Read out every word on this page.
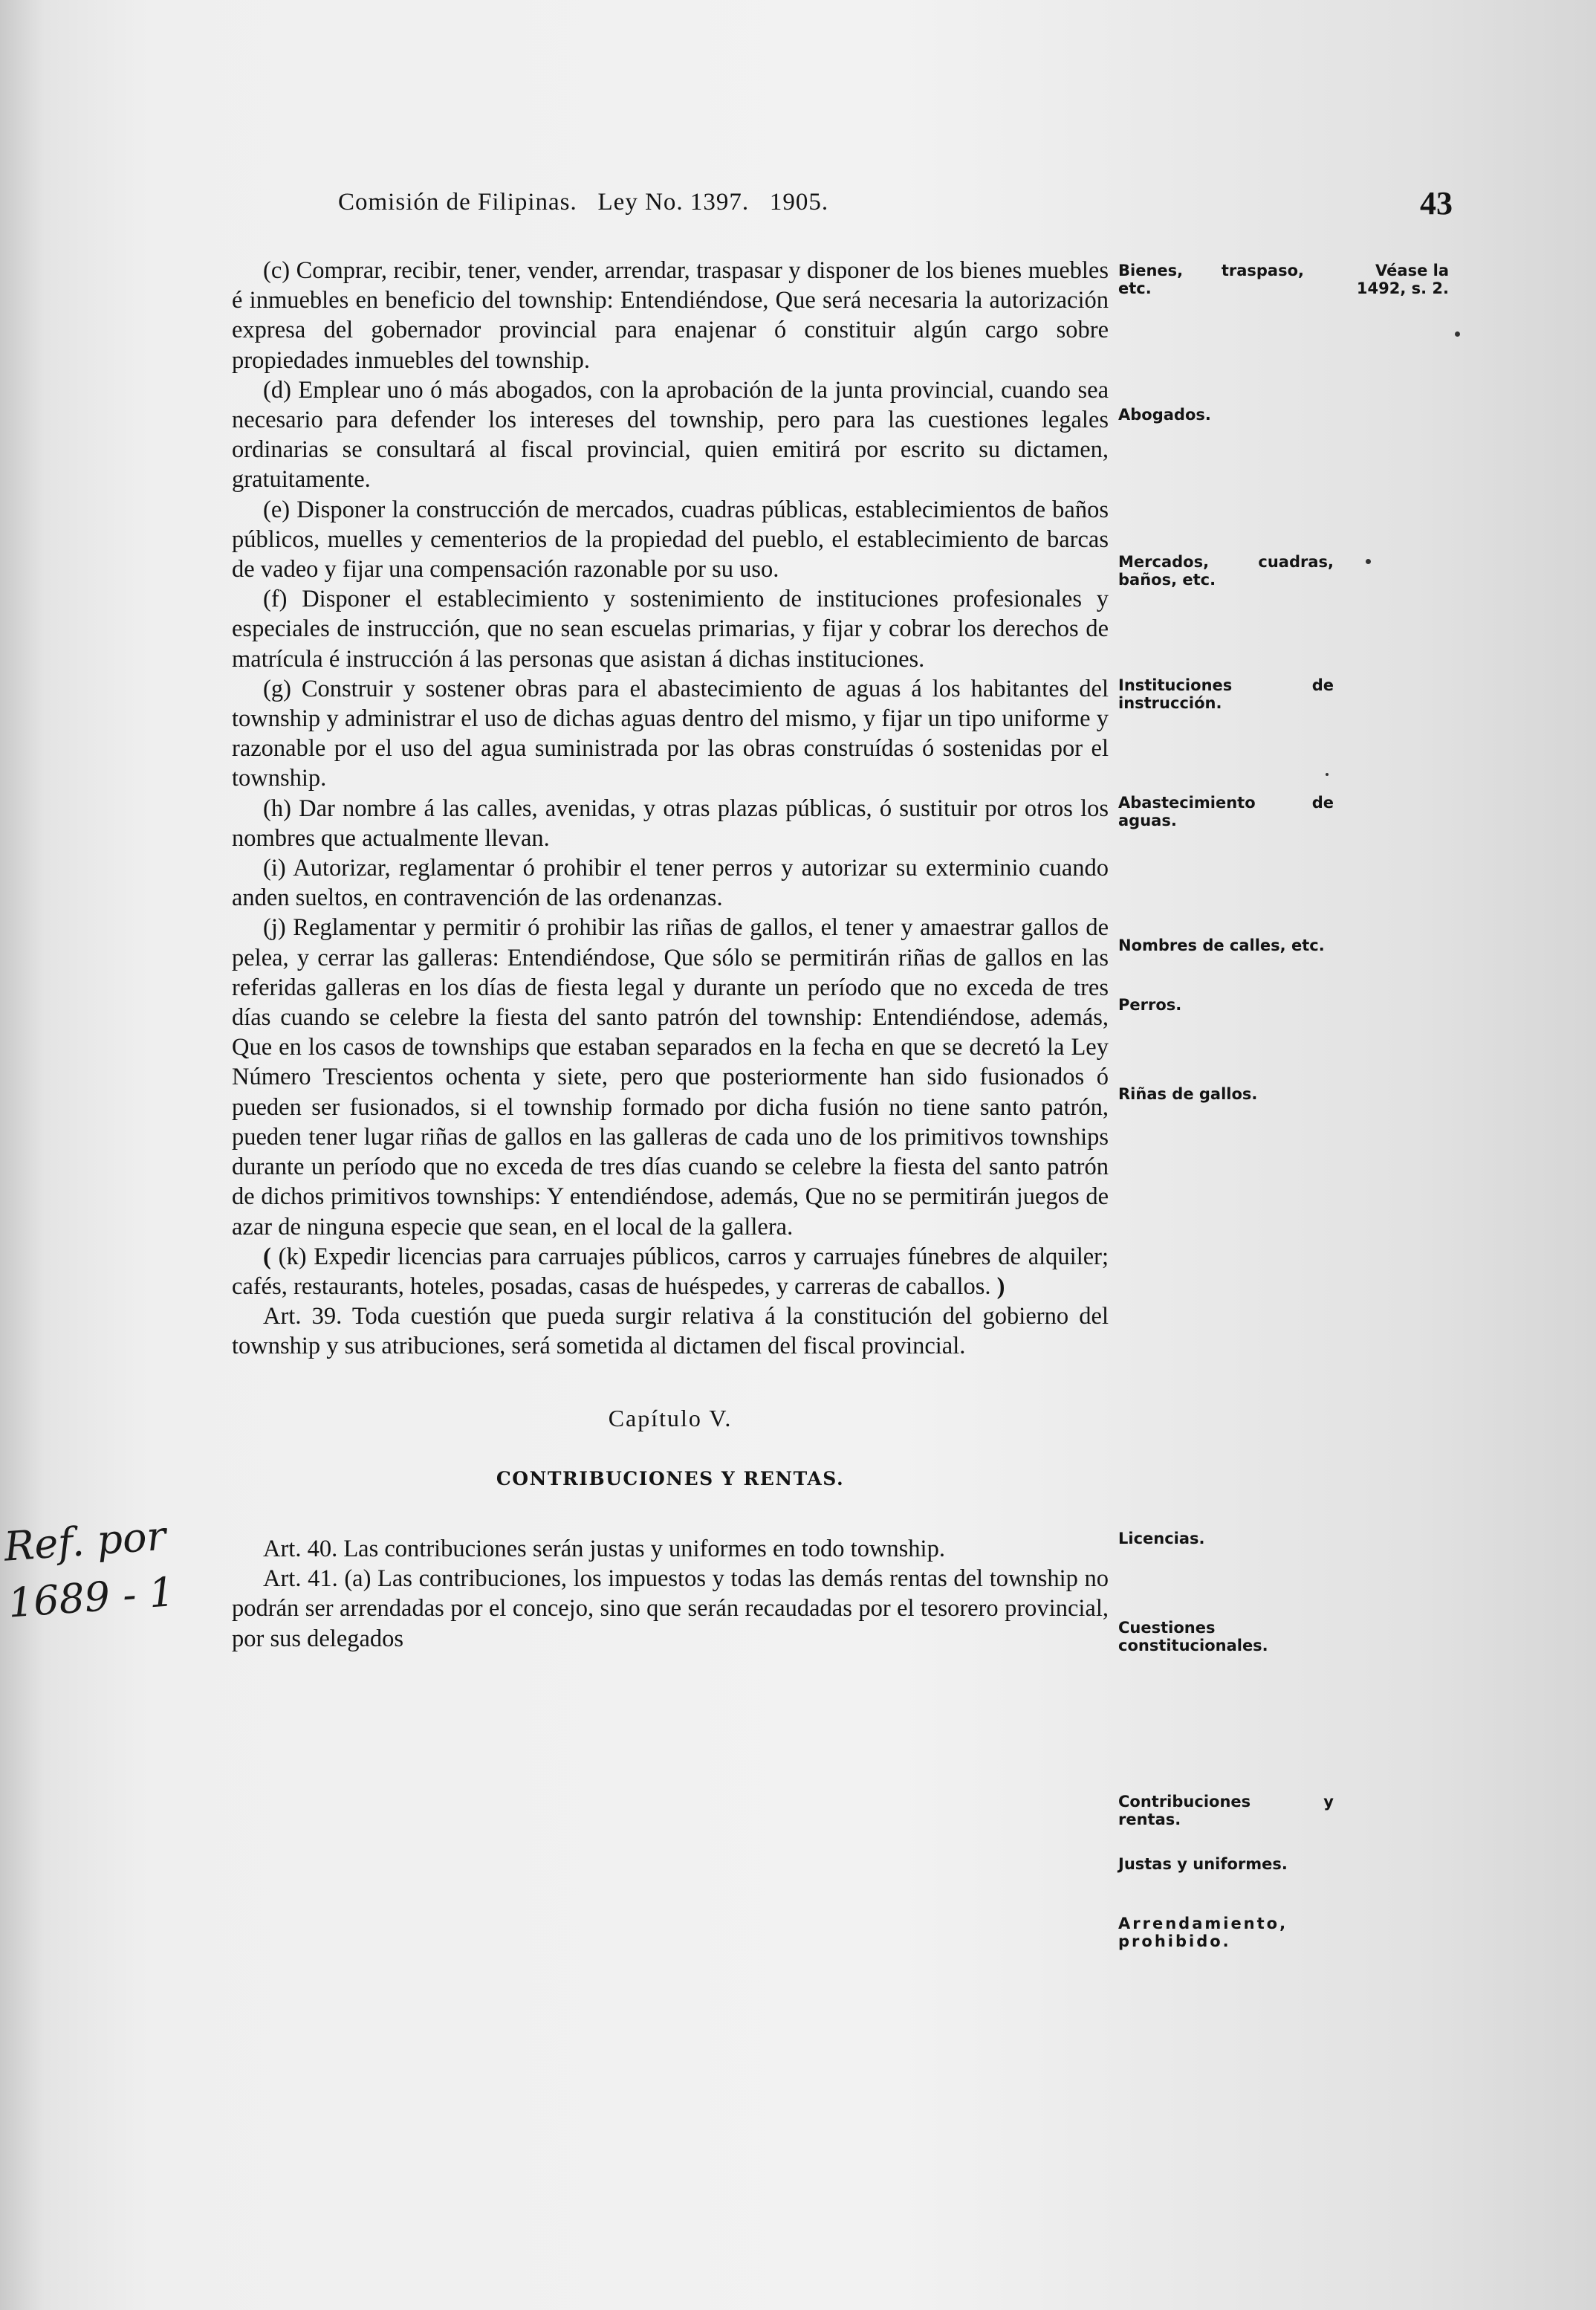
Comisión de Filipinas.   Ley No. 1397.   1905.	43

(c) Comprar, recibir, tener, vender, arrendar, traspasar y disponer de los bienes muebles é inmuebles en beneficio del township: Entendiéndose, Que será necesaria la autorización expresa del gobernador provincial para enajenar ó constituir algún cargo sobre propiedades inmuebles del township.

(d) Emplear uno ó más abogados, con la aprobación de la junta provincial, cuando sea necesario para defender los intereses del township, pero para las cuestiones legales ordinarias se consultará al fiscal provincial, quien emitirá por escrito su dictamen, gratuitamente.

(e) Disponer la construcción de mercados, cuadras públicas, establecimientos de baños públicos, muelles y cementerios de la propiedad del pueblo, el establecimiento de barcas de vadeo y fijar una compensación razonable por su uso.

(f) Disponer el establecimiento y sostenimiento de instituciones profesionales y especiales de instrucción, que no sean escuelas primarias, y fijar y cobrar los derechos de matrícula é instrucción á las personas que asistan á dichas instituciones.

(g) Construir y sostener obras para el abastecimiento de aguas á los habitantes del township y administrar el uso de dichas aguas dentro del mismo, y fijar un tipo uniforme y razonable por el uso del agua suministrada por las obras construídas ó sostenidas por el township.

(h) Dar nombre á las calles, avenidas, y otras plazas públicas, ó sustituir por otros los nombres que actualmente llevan.

(i) Autorizar, reglamentar ó prohibir el tener perros y autorizar su exterminio cuando anden sueltos, en contravención de las ordenanzas.

(j) Reglamentar y permitir ó prohibir las riñas de gallos, el tener y amaestrar gallos de pelea, y cerrar las galleras: Entendiéndose, Que sólo se permitirán riñas de gallos en las referidas galleras en los días de fiesta legal y durante un período que no exceda de tres días cuando se celebre la fiesta del santo patrón del township: Entendiéndose, además, Que en los casos de townships que estaban separados en la fecha en que se decretó la Ley Número Trescientos ochenta y siete, pero que posteriormente han sido fusionados ó pueden ser fusionados, si el township formado por dicha fusión no tiene santo patrón, pueden tener lugar riñas de gallos en las galleras de cada uno de los primitivos townships durante un período que no exceda de tres días cuando se celebre la fiesta del santo patrón de dichos primitivos townships: Y entendiéndose, además, Que no se permitirán juegos de azar de ninguna especie que sean, en el local de la gallera.

( (k) Expedir licencias para carruajes públicos, carros y carruajes fúnebres de alquiler; cafés, restaurants, hoteles, posadas, casas de huéspedes, y carreras de caballos. )

Art. 39. Toda cuestión que pueda surgir relativa á la constitución del gobierno del township y sus atribuciones, será sometida al dictamen del fiscal provincial.

Capítulo V.

CONTRIBUCIONES Y RENTAS.

Art. 40. Las contribuciones serán justas y uniformes en todo township.

Art. 41. (a) Las contribuciones, los impuestos y todas las demás rentas del township no podrán ser arrendadas por el concejo, sino que serán recaudadas por el tesorero provincial, por sus delegados

Bienes, traspaso, etc.
Véase la 1492, s. 2.
Abogados.
Mercados, cuadras, baños, etc.
Instituciones de instrucción.
Abastecimiento de aguas.
Nombres de calles, etc.
Perros.
Riñas de gallos.
Licencias.
Cuestiones constitucionales.
Contribuciones y rentas.
Justas y uniformes.
Arrendamiento, prohibido.
Ref. por
1689 - 1
